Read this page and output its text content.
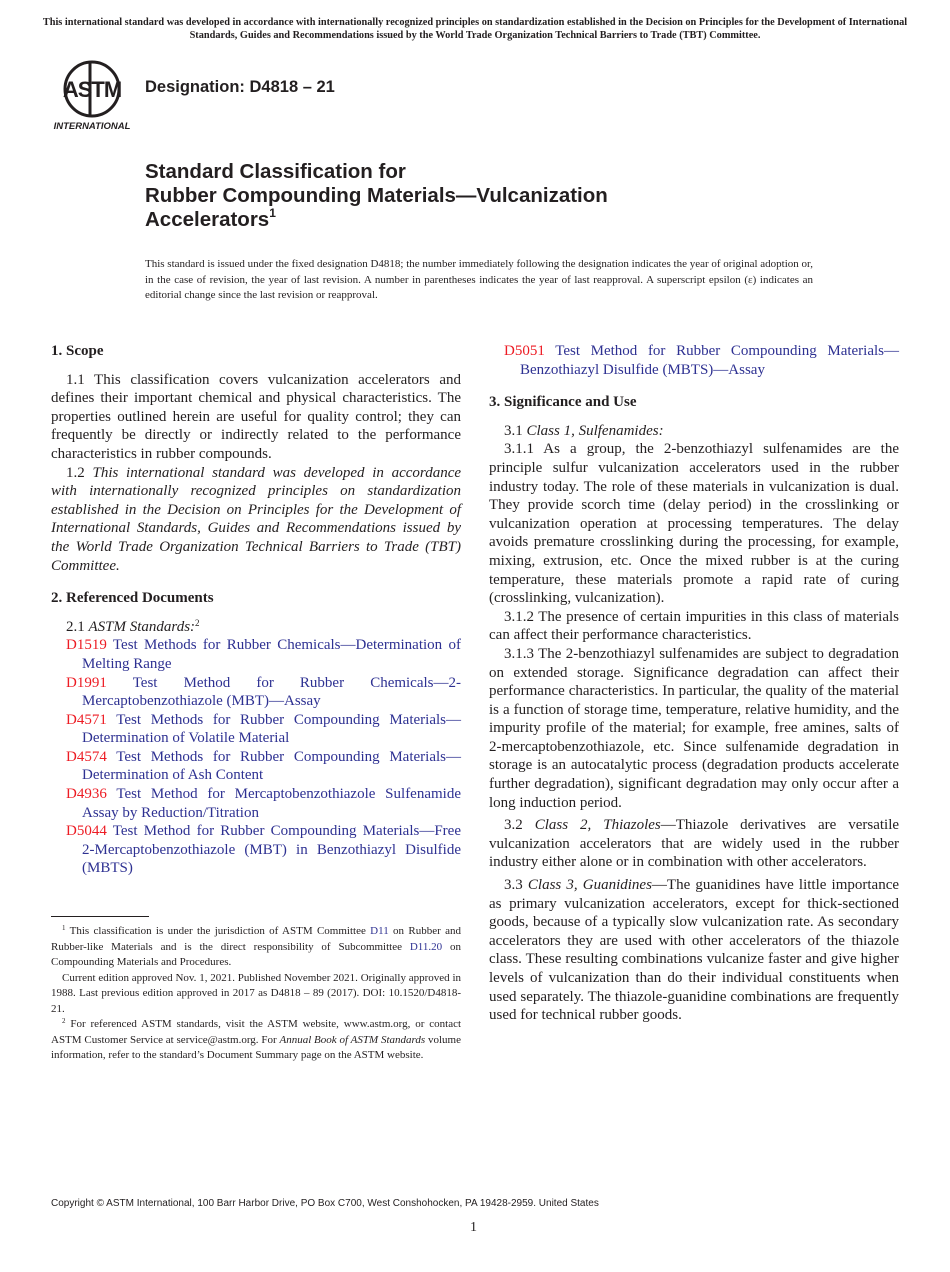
This international standard was developed in accordance with internationally recognized principles on standardization established in the Decision on Principles for the Development of International Standards, Guides and Recommendations issued by the World Trade Organization Technical Barriers to Trade (TBT) Committee.
ASTM
INTERNATIONAL
Designation: D4818 – 21
Standard Classification for
Rubber Compounding Materials—Vulcanization
Accelerators$^1$
This standard is issued under the fixed designation D4818; the number immediately following the designation indicates the year of original adoption or, in the case of revision, the year of last revision. A number in parentheses indicates the year of last reapproval. A superscript epsilon (ε) indicates an editorial change since the last revision or reapproval.
1. Scope

1.1 This classification covers vulcanization accelerators and defines their important chemical and physical characteristics. The properties outlined herein are useful for quality control; they can frequently be directly or indirectly related to the performance characteristics in rubber compounds.

1.2 This international standard was developed in accordance with internationally recognized principles on standardization established in the Decision on Principles for the Development of International Standards, Guides and Recommendations issued by the World Trade Organization Technical Barriers to Trade (TBT) Committee.

2. Referenced Documents

2.1 ASTM Standards:$^2$

D1519 Test Methods for Rubber Chemicals—Determination of Melting Range

D1991 Test Method for Rubber Chemicals—2-Mercaptobenzothiazole (MBT)—Assay

D4571 Test Methods for Rubber Compounding Materials—Determination of Volatile Material

D4574 Test Methods for Rubber Compounding Materials—Determination of Ash Content

D4936 Test Method for Mercaptobenzothiazole Sulfenamide Assay by Reduction/Titration

D5044 Test Method for Rubber Compounding Materials—Free 2-Mercaptobenzothiazole (MBT) in Benzothiazyl Disulfide (MBTS)

$^1$ This classification is under the jurisdiction of ASTM Committee D11 on Rubber and Rubber-like Materials and is the direct responsibility of Subcommittee D11.20 on Compounding Materials and Procedures.

Current edition approved Nov. 1, 2021. Published November 2021. Originally approved in 1988. Last previous edition approved in 2017 as D4818 – 89 (2017). DOI: 10.1520/D4818-21.

$^2$ For referenced ASTM standards, visit the ASTM website, www.astm.org, or contact ASTM Customer Service at service@astm.org. For Annual Book of ASTM Standards volume information, refer to the standard’s Document Summary page on the ASTM website.

D5051 Test Method for Rubber Compounding Materials—Benzothiazyl Disulfide (MBTS)—Assay

3. Significance and Use

3.1 Class 1, Sulfenamides:

3.1.1 As a group, the 2-benzothiazyl sulfenamides are the principle sulfur vulcanization accelerators used in the rubber industry today. The role of these materials in vulcanization is dual. They provide scorch time (delay period) in the crosslinking or vulcanization operation at processing temperatures. The delay avoids premature crosslinking during the processing, for example, mixing, extrusion, etc. Once the mixed rubber is at the curing temperature, these materials promote a rapid rate of curing (crosslinking, vulcanization).

3.1.2 The presence of certain impurities in this class of materials can affect their performance characteristics.

3.1.3 The 2-benzothiazyl sulfenamides are subject to degradation on extended storage. Significance degradation can affect their performance characteristics. In particular, the quality of the material is a function of storage time, temperature, relative humidity, and the impurity profile of the material; for example, free amines, salts of 2-mercaptobenzothiazole, etc. Since sulfenamide degradation in storage is an autocatalytic process (degradation products accelerate further degradation), significant degradation may only occur after a long induction period.

3.2 Class 2, Thiazoles—Thiazole derivatives are versatile vulcanization accelerators that are widely used in the rubber industry either alone or in combination with other accelerators.

3.3 Class 3, Guanidines—The guanidines have little importance as primary vulcanization accelerators, except for thick-sectioned goods, because of a typically slow vulcanization rate. As secondary accelerators they are used with other accelerators of the thiazole class. These resulting combinations vulcanize faster and give higher levels of vulcanization than do their individual constituents when used separately. The thiazole-guanidine combinations are frequently used for technical rubber goods.

Copyright © ASTM International, 100 Barr Harbor Drive, PO Box C700, West Conshohocken, PA 19428-2959. United States
1
